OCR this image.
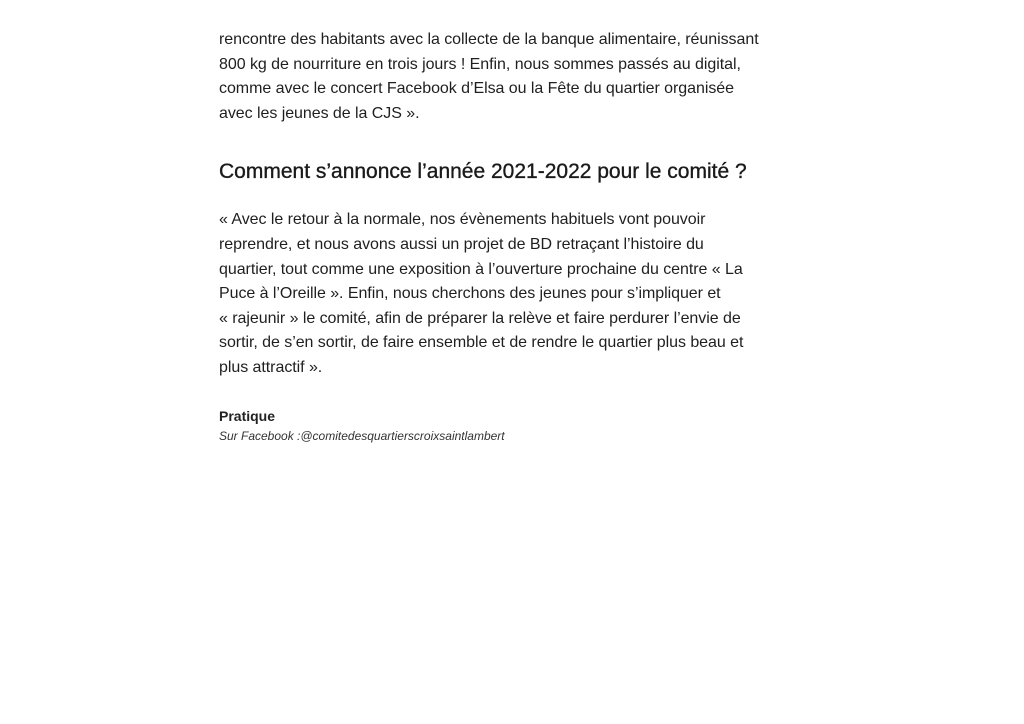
rencontre des habitants avec la collecte de la banque alimentaire, réunissant
800 kg de nourriture en trois jours ! Enfin, nous sommes passés au digital,
comme avec le concert Facebook d’Elsa ou la Fête du quartier organisée
avec les jeunes de la CJS ».

Comment s’annonce l’année 2021-2022 pour le comité ?

« Avec le retour à la normale, nos évènements habituels vont pouvoir
reprendre, et nous avons aussi un projet de BD retraçant l’histoire du
quartier, tout comme une exposition à l’ouverture prochaine du centre « La
Puce à l’Oreille ». Enfin, nous cherchons des jeunes pour s’impliquer et
« rajeunir » le comité, afin de préparer la relève et faire perdurer l’envie de
sortir, de s’en sortir, de faire ensemble et de rendre le quartier plus beau et
plus attractif ».

Pratique

Sur Facebook :@comitedesquartierscroixsaintlambert
